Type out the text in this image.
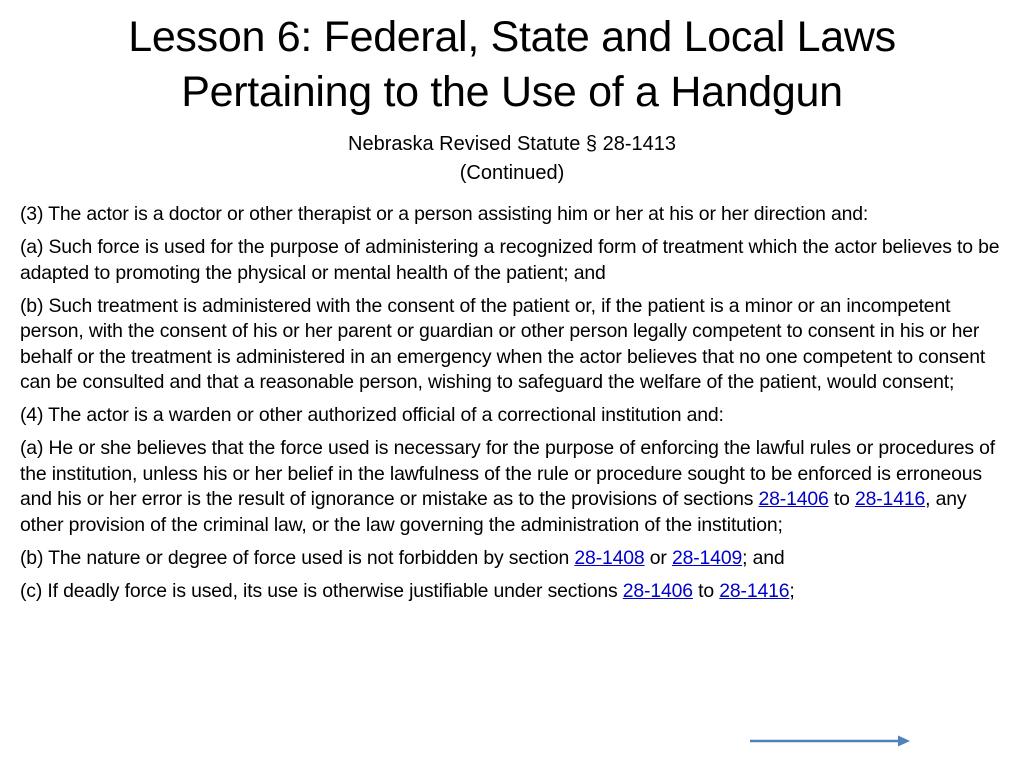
Lesson 6: Federal, State and Local Laws
Pertaining to the Use of a Handgun
Nebraska Revised Statute § 28-1413
(Continued)

(3) The actor is a doctor or other therapist or a person assisting him or her at his or her direction and:

(a) Such force is used for the purpose of administering a recognized form of treatment which the actor believes to be adapted to promoting the physical or mental health of the patient; and

(b) Such treatment is administered with the consent of the patient or, if the patient is a minor or an incompetent person, with the consent of his or her parent or guardian or other person legally competent to consent in his or her behalf or the treatment is administered in an emergency when the actor believes that no one competent to consent can be consulted and that a reasonable person, wishing to safeguard the welfare of the patient, would consent;

(4) The actor is a warden or other authorized official of a correctional institution and:

(a) He or she believes that the force used is necessary for the purpose of enforcing the lawful rules or procedures of the institution, unless his or her belief in the lawfulness of the rule or procedure sought to be enforced is erroneous and his or her error is the result of ignorance or mistake as to the provisions of sections 28-1406 to 28-1416, any other provision of the criminal law, or the law governing the administration of the institution;

(b) The nature or degree of force used is not forbidden by section 28-1408 or 28-1409; and

(c) If deadly force is used, its use is otherwise justifiable under sections 28-1406 to 28-1416;
